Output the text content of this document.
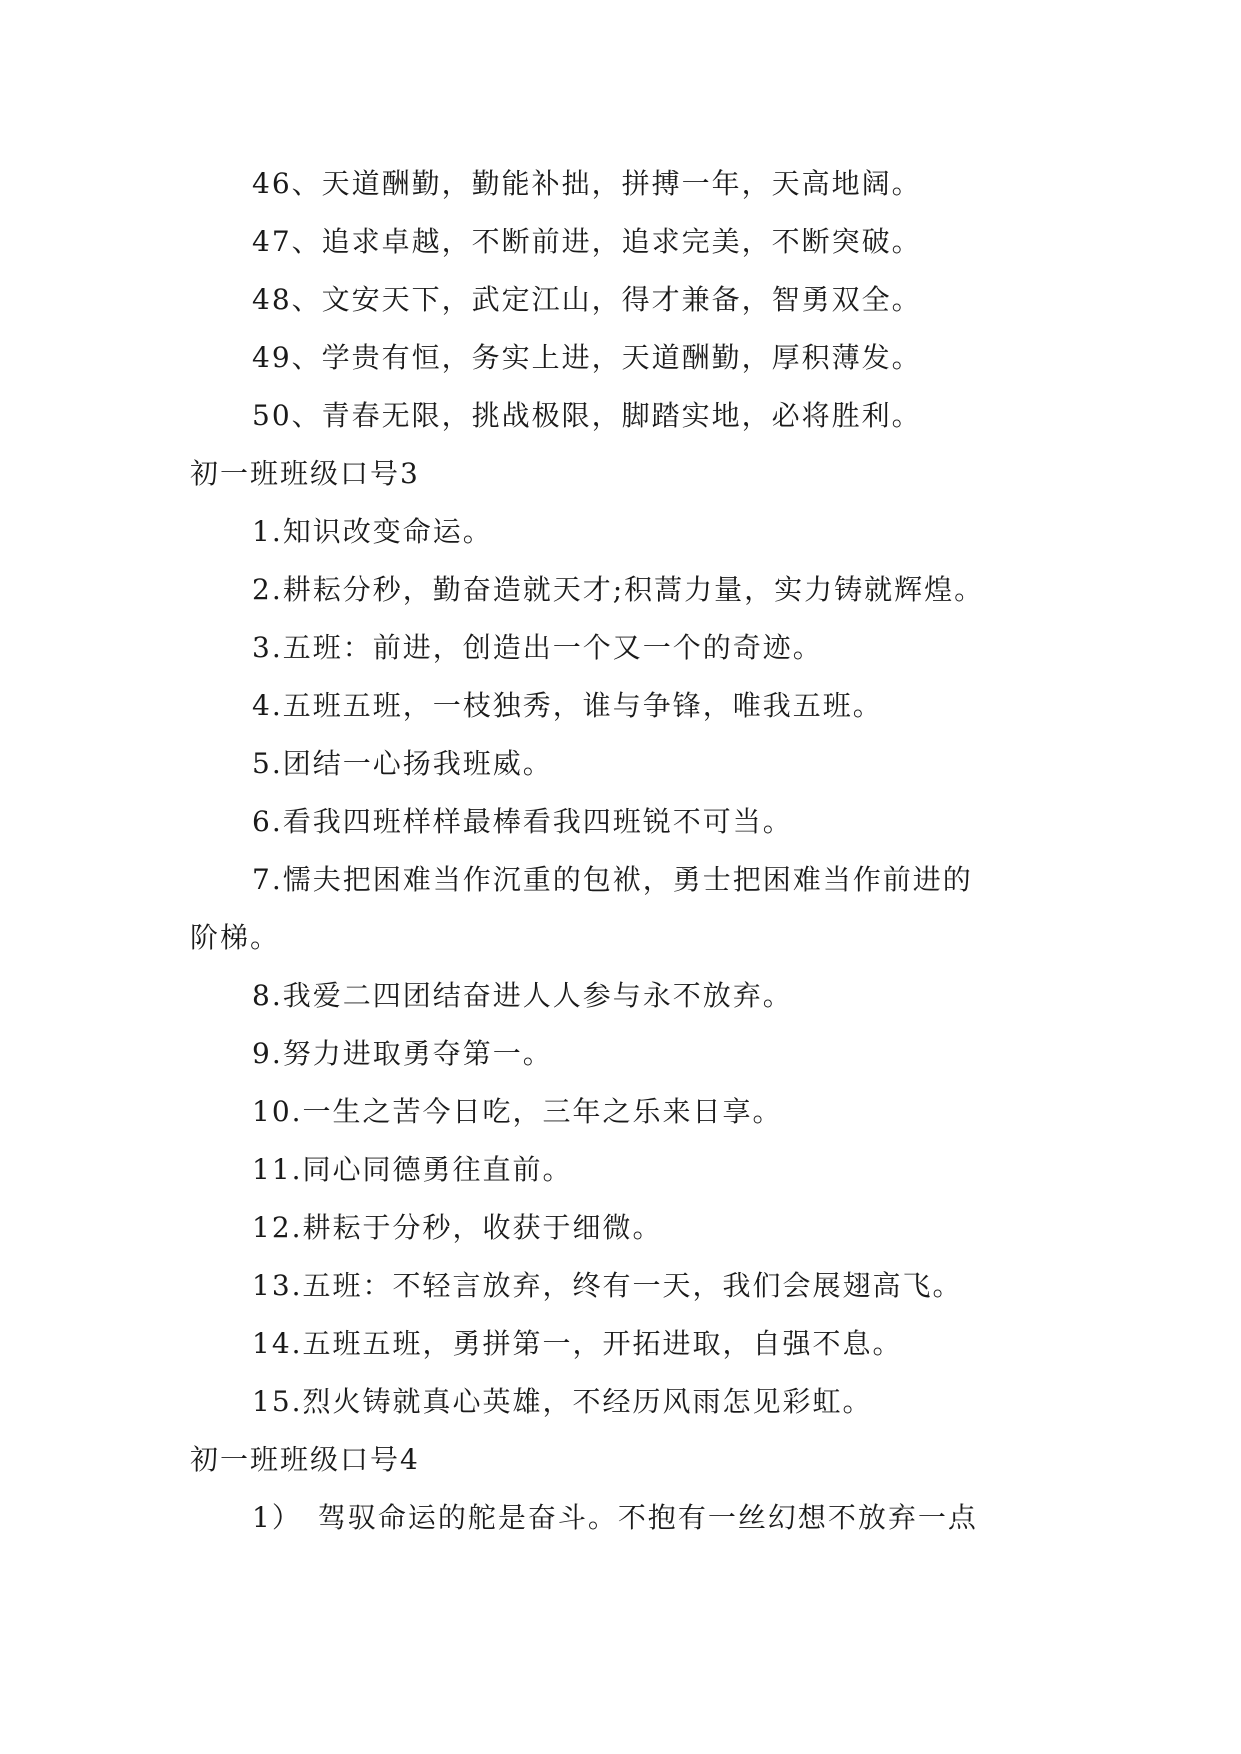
46、天道酬勤，勤能补拙，拼搏一年，天高地阔。
47、追求卓越，不断前进，追求完美，不断突破。
48、文安天下，武定江山，得才兼备，智勇双全。
49、学贵有恒，务实上进，天道酬勤，厚积薄发。
50、青春无限，挑战极限，脚踏实地，必将胜利。
初一班班级口号3
1.知识改变命运。
2.耕耘分秒，勤奋造就天才;积蒿力量，实力铸就辉煌。
3.五班：前进，创造出一个又一个的奇迹。
4.五班五班，一枝独秀，谁与争锋，唯我五班。
5.团结一心扬我班威。
6.看我四班样样最棒看我四班锐不可当。
7.懦夫把困难当作沉重的包袱，勇士把困难当作前进的
阶梯。
8.我爱二四团结奋进人人参与永不放弃。
9.努力进取勇夺第一。
10.一生之苦今日吃，三年之乐来日享。
11.同心同德勇往直前。
12.耕耘于分秒，收获于细微。
13.五班：不轻言放弃，终有一天，我们会展翅高飞。
14.五班五班，勇拼第一，开拓进取，自强不息。
15.烈火铸就真心英雄，不经历风雨怎见彩虹。
初一班班级口号4
1）　驾驭命运的舵是奋斗。不抱有一丝幻想不放弃一点
